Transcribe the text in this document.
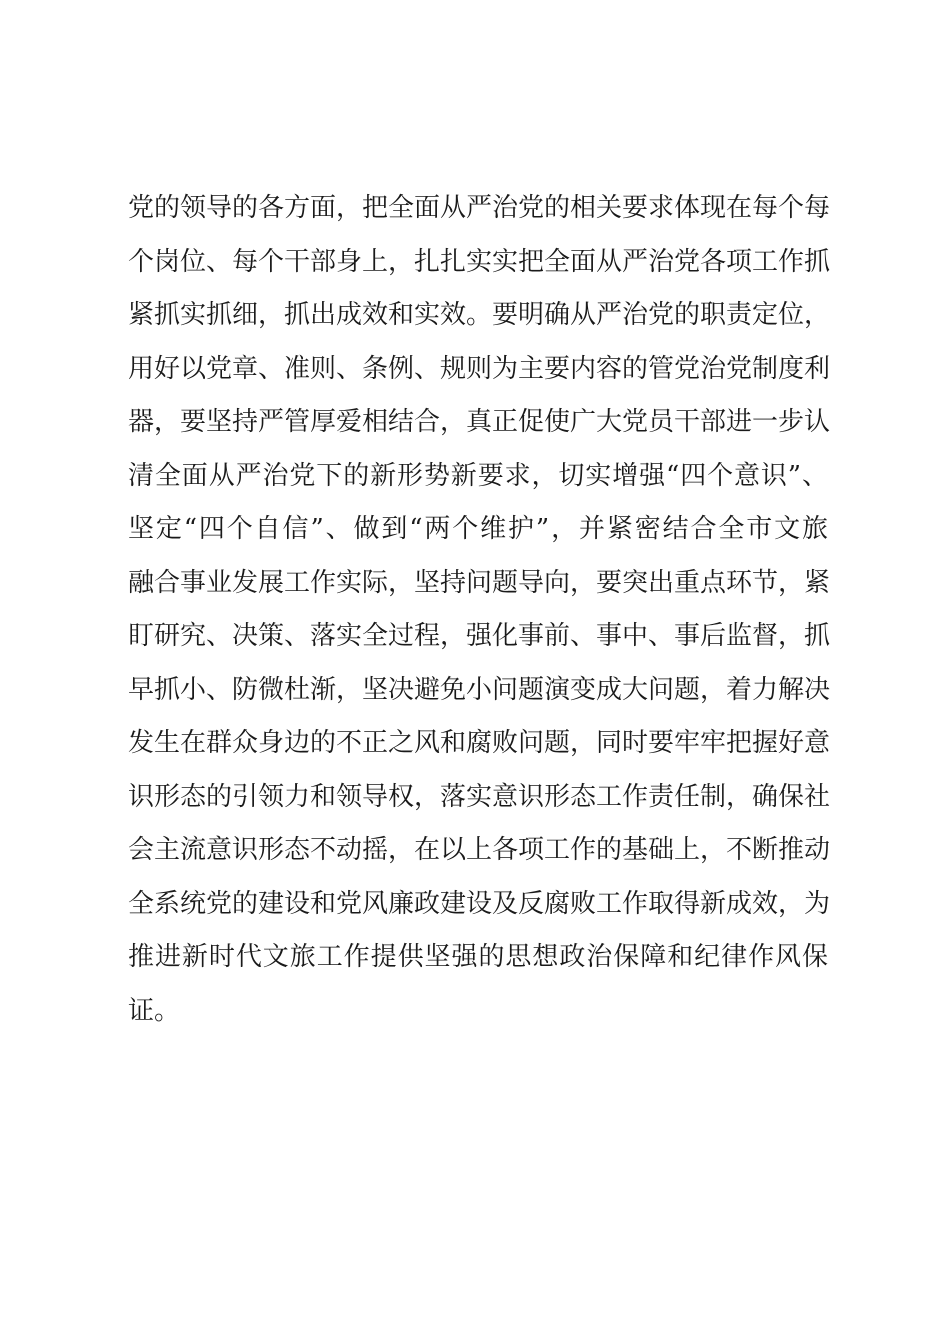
党的领导的各方面，把全面从严治党的相关要求体现在每个每
个岗位、每个干部身上，扎扎实实把全面从严治党各项工作抓
紧抓实抓细，抓出成效和实效。要明确从严治党的职责定位，
用好以党章、准则、条例、规则为主要内容的管党治党制度利
器，要坚持严管厚爱相结合，真正促使广大党员干部进一步认
清全面从严治党下的新形势新要求，切实增强“四个意识”、
坚定“四个自信”、做到“两个维护”，并紧密结合全市文旅
融合事业发展工作实际，坚持问题导向，要突出重点环节，紧
盯研究、决策、落实全过程，强化事前、事中、事后监督，抓
早抓小、防微杜渐，坚决避免小问题演变成大问题，着力解决
发生在群众身边的不正之风和腐败问题，同时要牢牢把握好意
识形态的引领力和领导权，落实意识形态工作责任制，确保社
会主流意识形态不动摇，在以上各项工作的基础上，不断推动
全系统党的建设和党风廉政建设及反腐败工作取得新成效，为
推进新时代文旅工作提供坚强的思想政治保障和纪律作风保
证。
